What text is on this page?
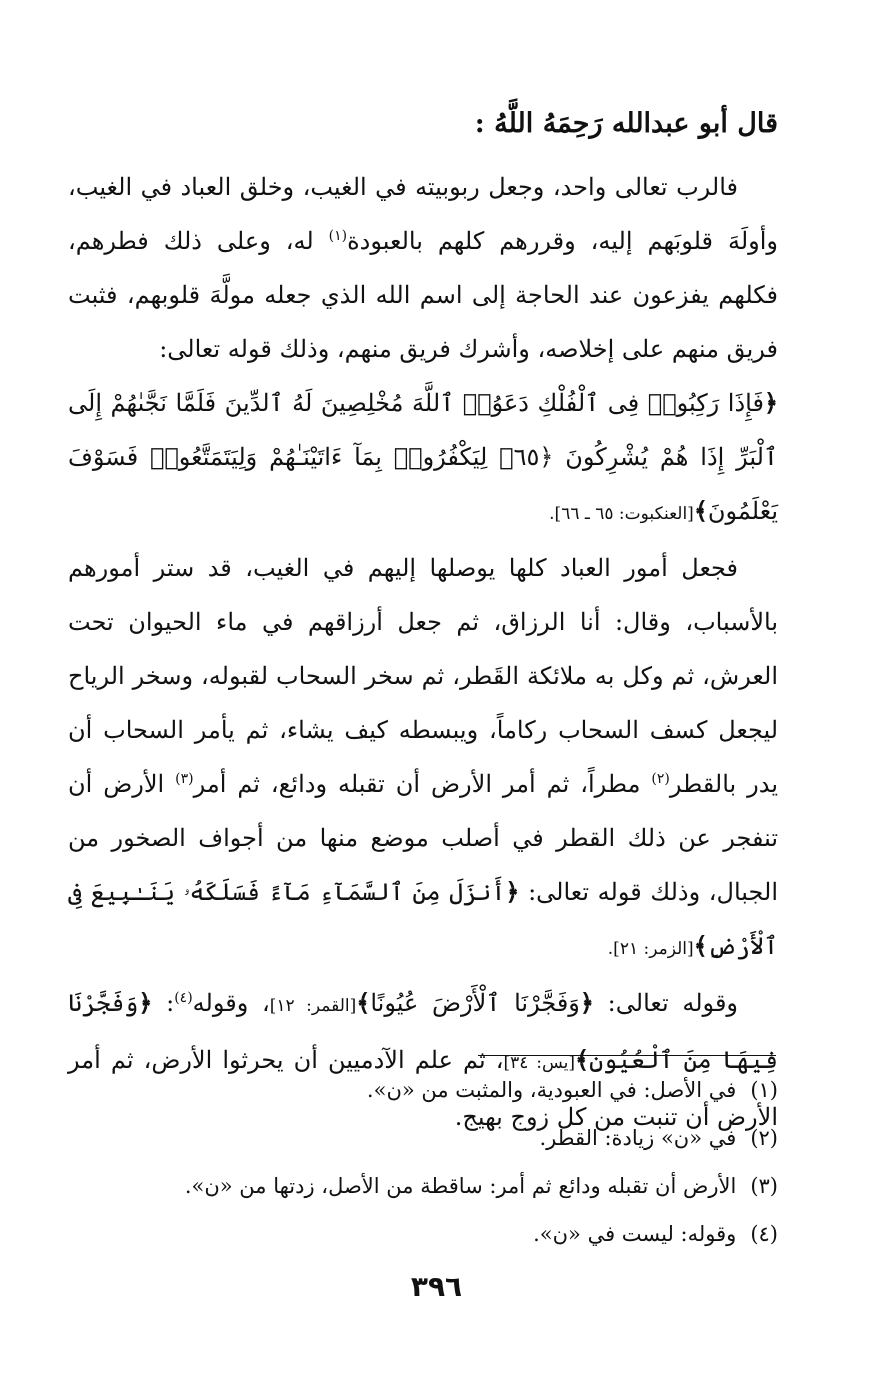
قال أبو عبدالله رَحِمَهُ اللَّهُ :

فالرب تعالى واحد، وجعل ربوبيته في الغيب، وخلق العباد في الغيب، وأولَهَ قلوبَهم إليه، وقررهم كلهم بالعبودة$^{(١)}$ له، وعلى ذلك فطرهم، فكلهم يفزعون عند الحاجة إلى اسم الله الذي جعله مولَّهَ قلوبهم، فثبت فريق منهم على إخلاصه، وأشرك فريق منهم، وذلك قوله تعالى:

﴿فَإِذَا رَكِبُوا۟ فِى ٱلْفُلْكِ دَعَوُا۟ ٱللَّهَ مُخْلِصِينَ لَهُ ٱلدِّينَ فَلَمَّا نَجَّىٰهُمْ إِلَى ٱلْبَرِّ إِذَا هُمْ يُشْرِكُونَ ﴿٦٥﴾ لِيَكْفُرُوا۟ بِمَآ ءَاتَيْنَـٰهُمْ وَلِيَتَمَتَّعُوا۟ فَسَوْفَ يَعْلَمُونَ﴾[العنكبوت: ٦٥ ـ ٦٦].

فجعل أمور العباد كلها يوصلها إليهم في الغيب، قد ستر أمورهم بالأسباب، وقال: أنا الرزاق، ثم جعل أرزاقهم في ماء الحيوان تحت العرش، ثم وكل به ملائكة القَطر، ثم سخر السحاب لقبوله، وسخر الرياح ليجعل كسف السحاب ركاماً، ويبسطه كيف يشاء، ثم يأمر السحاب أن يدر بالقطر$^{(٢)}$ مطراً، ثم أمر الأرض أن تقبله ودائع، ثم أمر$^{(٣)}$ الأرض أن تنفجر عن ذلك القطر في أصلب موضع منها من أجواف الصخور من الجبال، وذلك قوله تعالى: ﴿أَنزَلَ مِنَ ٱلسَّمَآءِ مَآءً فَسَلَكَهُۥ يَنَـٰبِيعَ فِى ٱلْأَرْضِ﴾[الزمر: ٢١].

وقوله تعالى: ﴿وَفَجَّرْنَا ٱلْأَرْضَ عُيُونًا﴾[القمر: ١٢]، وقوله$^{(٤)}$: ﴿وَفَجَّرْنَا فِيهَا مِنَ ٱلْعُيُونِ﴾[يس: ٣٤]، ثم علم الآدميين أن يحرثوا الأرض، ثم أمر الأرض أن تنبت من كل زوج بهيج.

(١)في الأصل: في العبودية، والمثبت من «ن».

(٢)في «ن» زيادة: القطر.

(٣)الأرض أن تقبله ودائع ثم أمر: ساقطة من الأصل، زدتها من «ن».

(٤)وقوله: ليست في «ن».

٣٩٦
